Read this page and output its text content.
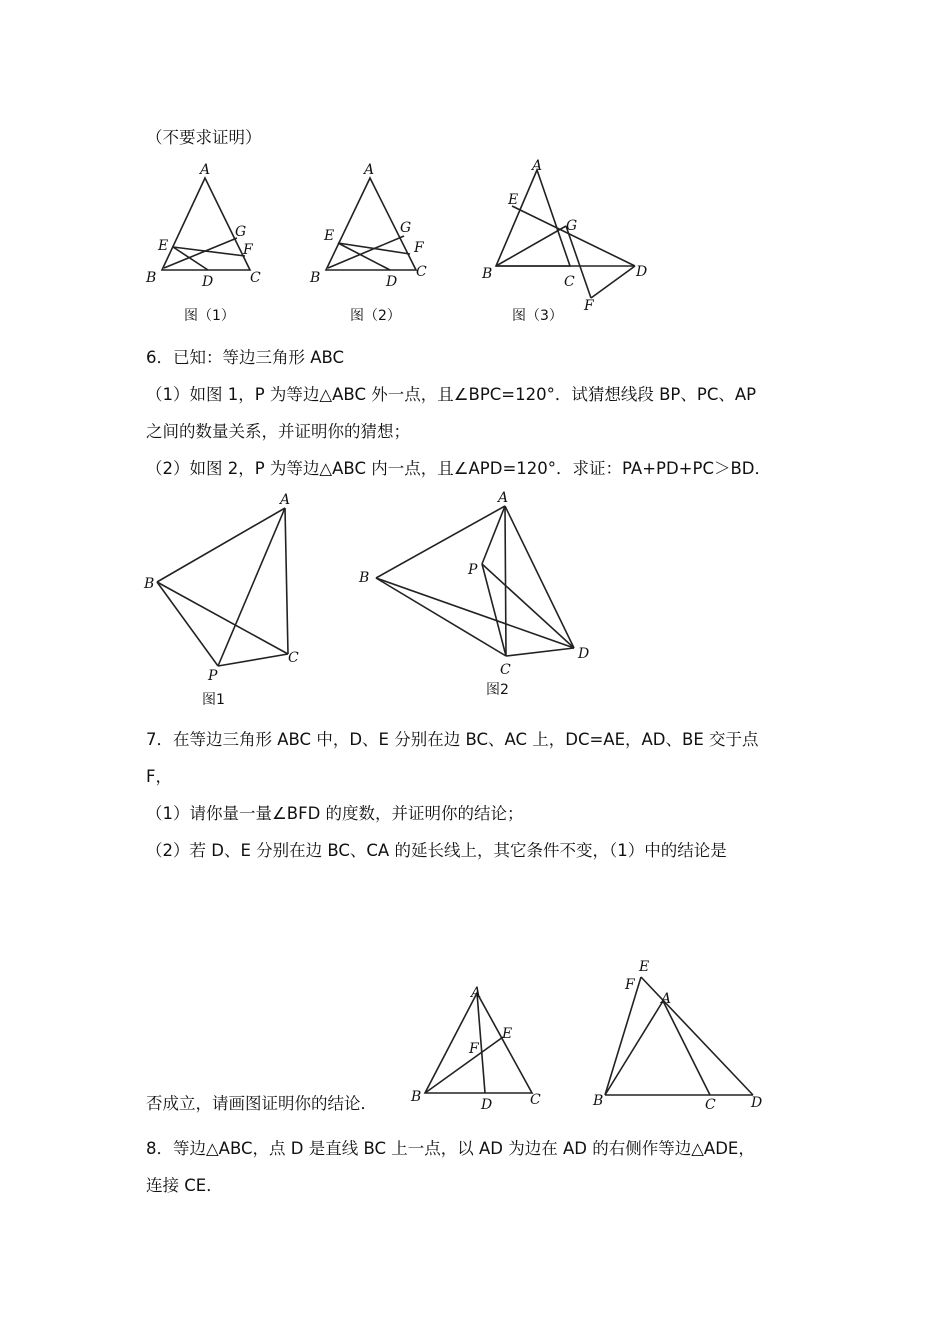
（不要求证明）
A
B	C
D
E	F
G
图（1）
A
B	C
D
E
F
G
图（2）
A
B	C
D
E
F
G
图（3）
6．已知：等边三角形 ABC
（1）如图 1，P 为等边△ABC 外一点，且∠BPC=120°．试猜想线段 BP、PC、AP
之间的数量关系，并证明你的猜想；
（2）如图 2，P 为等边△ABC 内一点，且∠APD=120°．求证：PA+PD+PC＞BD．
A
B
C
P
图1
A
B
C
D
P
图2
7．在等边三角形 ABC 中，D、E 分别在边 BC、AC 上，DC=AE，AD、BE 交于点
F，
（1）请你量一量∠BFD 的度数，并证明你的结论；
（2）若 D、E 分别在边 BC、CA 的延长线上，其它条件不变，（1）中的结论是
否成立，请画图证明你的结论．
A
B	C
D
E
F
A
B	C	D
E
F
8．等边△ABC，点 D 是直线 BC 上一点，以 AD 为边在 AD 的右侧作等边△ADE，
连接 CE．
